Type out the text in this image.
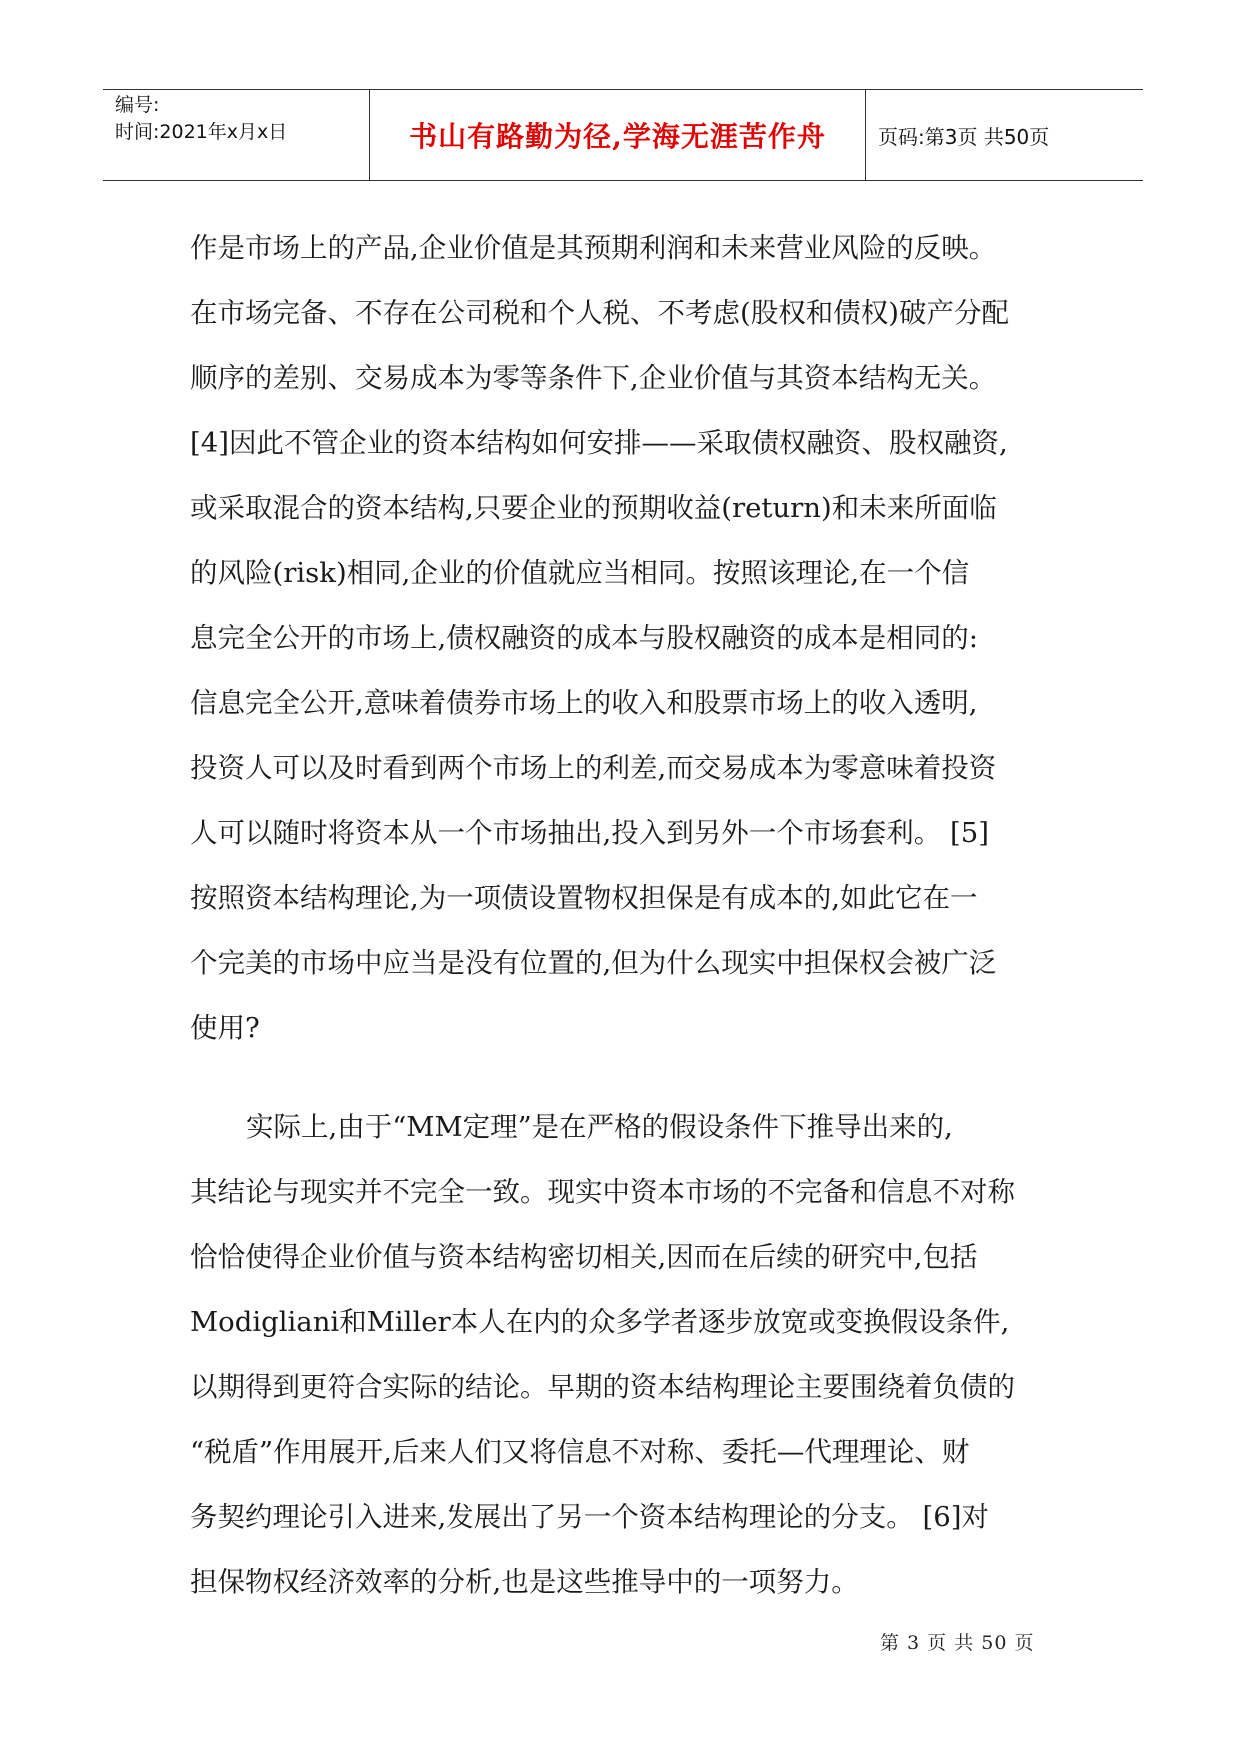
编号:
时间:2021年x月x日	书山有路勤为径,学海无涯苦作舟	页码:第3页 共50页

作是市场上的产品,企业价值是其预期利润和未来营业风险的反映。

在市场完备、不存在公司税和个人税、不考虑(股权和债权)破产分配

顺序的差别、交易成本为零等条件下,企业价值与其资本结构无关。

[4]因此不管企业的资本结构如何安排——采取债权融资、股权融资,

或采取混合的资本结构,只要企业的预期收益(return)和未来所面临

的风险(risk)相同,企业的价值就应当相同。按照该理论,在一个信

息完全公开的市场上,债权融资的成本与股权融资的成本是相同的:

信息完全公开,意味着债券市场上的收入和股票市场上的收入透明,

投资人可以及时看到两个市场上的利差,而交易成本为零意味着投资

人可以随时将资本从一个市场抽出,投入到另外一个市场套利。 [5]

按照资本结构理论,为一项债设置物权担保是有成本的,如此它在一

个完美的市场中应当是没有位置的,但为什么现实中担保权会被广泛

使用?

实际上,由于“MM定理”是在严格的假设条件下推导出来的,

其结论与现实并不完全一致。现实中资本市场的不完备和信息不对称

恰恰使得企业价值与资本结构密切相关,因而在后续的研究中,包括

Modigliani和Miller本人在内的众多学者逐步放宽或变换假设条件,

以期得到更符合实际的结论。早期的资本结构理论主要围绕着负债的

“税盾”作用展开,后来人们又将信息不对称、委托—代理理论、财

务契约理论引入进来,发展出了另一个资本结构理论的分支。 [6]对

担保物权经济效率的分析,也是这些推导中的一项努力。

第 3 页 共 50 页
